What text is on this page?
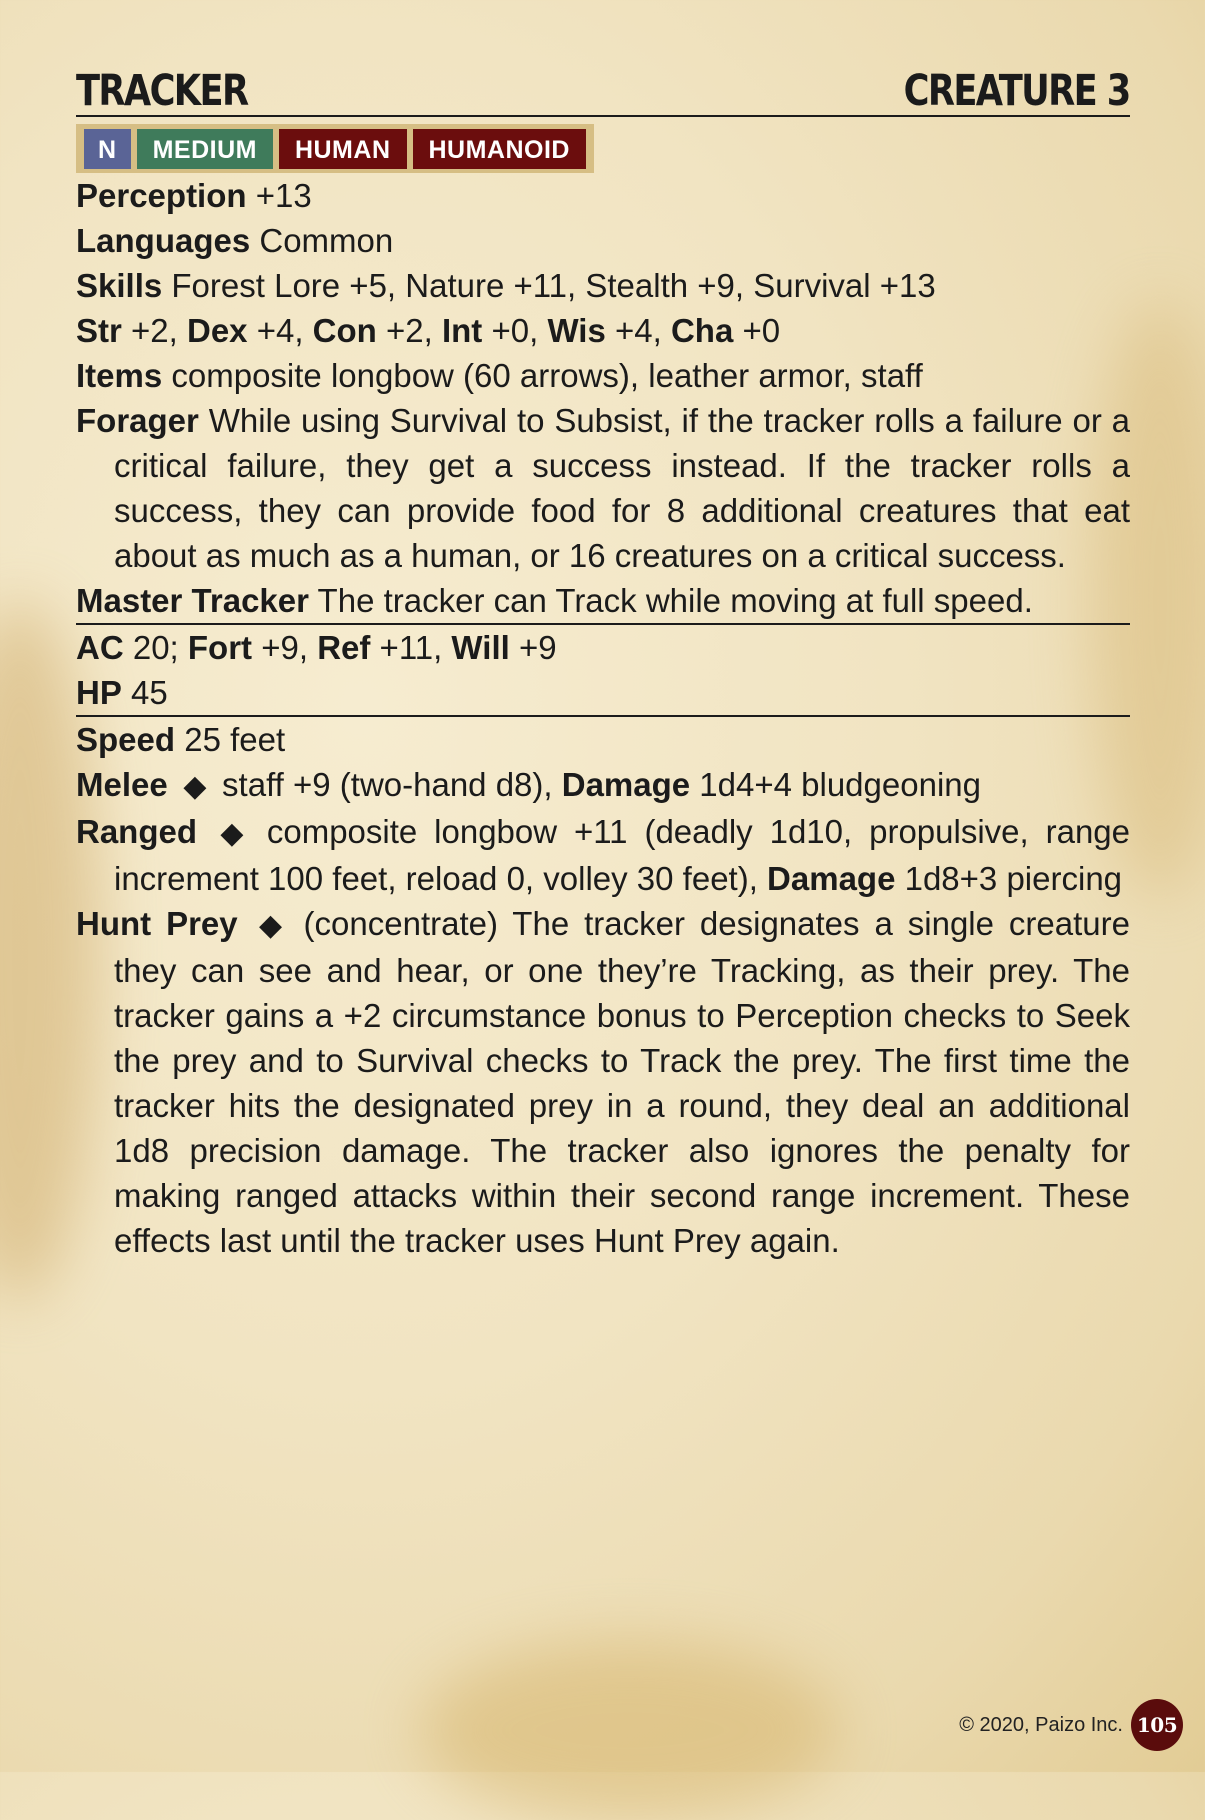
TRACKER	CREATURE 3
N	MEDIUM	HUMAN	HUMANOID
Perception +13
Languages Common
Skills Forest Lore +5, Nature +11, Stealth +9, Survival +13
Str +2, Dex +4, Con +2, Int +0, Wis +4, Cha +0
Items composite longbow (60 arrows), leather armor, staff
Forager While using Survival to Subsist, if the tracker rolls a failure or a critical failure, they get a success instead. If the tracker rolls a success, they can provide food for 8 additional creatures that eat about as much as a human, or 16 creatures on a critical success.
Master Tracker The tracker can Track while moving at full speed.
AC 20; Fort +9, Ref +11, Will +9
HP 45
Speed 25 feet
Melee ◆ staff +9 (two-hand d8), Damage 1d4+4 bludgeoning
Ranged ◆ composite longbow +11 (deadly 1d10, propulsive, range increment 100 feet, reload 0, volley 30 feet), Damage 1d8+3 piercing
Hunt Prey ◆ (concentrate) The tracker designates a single creature they can see and hear, or one they’re Tracking, as their prey. The tracker gains a +2 circumstance bonus to Perception checks to Seek the prey and to Survival checks to Track the prey. The first time the tracker hits the designated prey in a round, they deal an additional 1d8 precision damage. The tracker also ignores the penalty for making ranged attacks within their second range increment. These effects last until the tracker uses Hunt Prey again.
© 2020, Paizo Inc. 105
